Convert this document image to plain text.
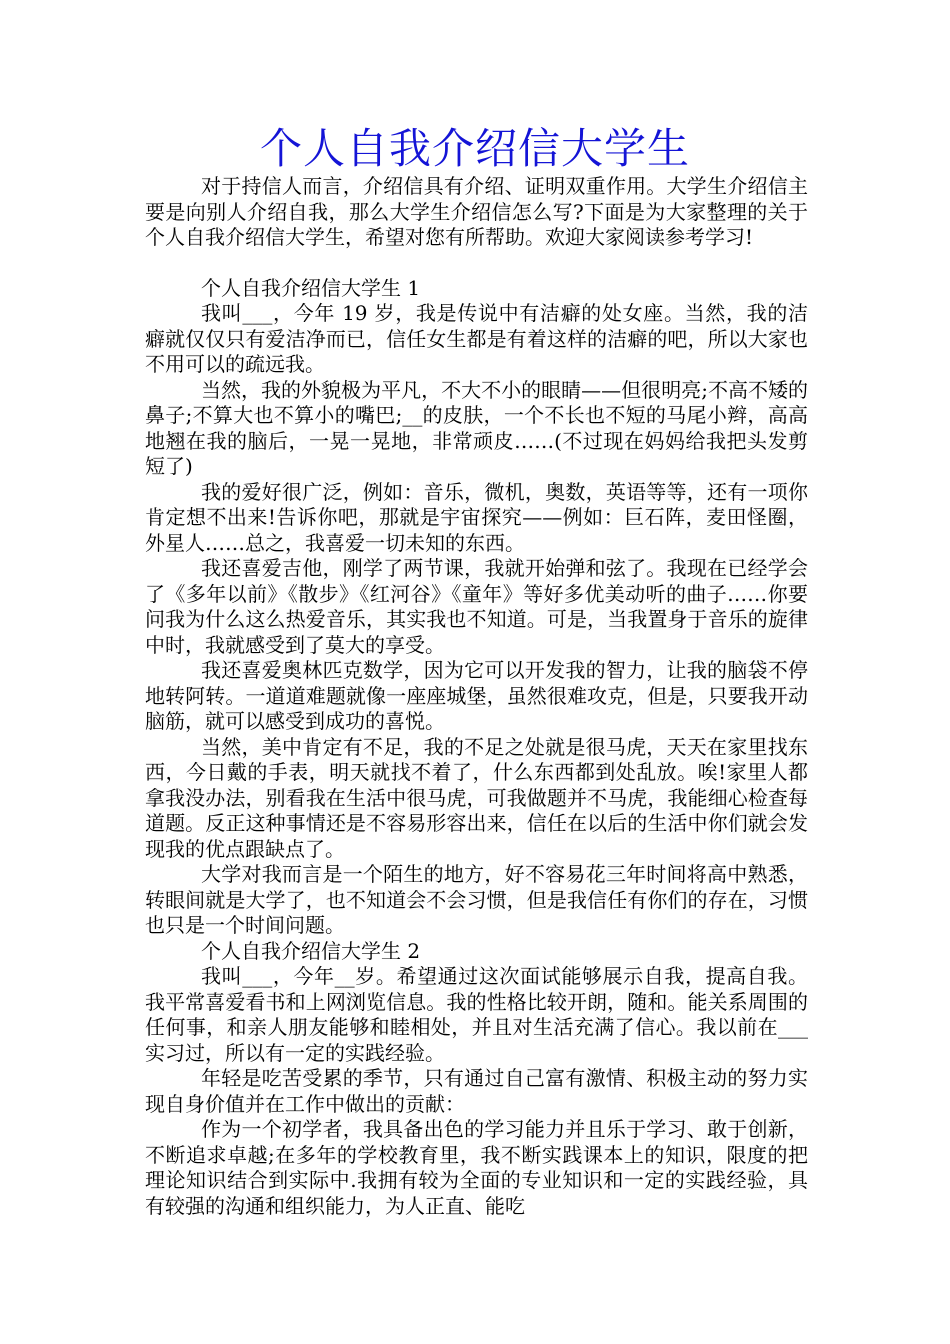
个人自我介绍信大学生

对于持信人而言，介绍信具有介绍、证明双重作用。大学生介绍信主要是向别人介绍自我，那么大学生介绍信怎么写?下面是为大家整理的关于个人自我介绍信大学生，希望对您有所帮助。欢迎大家阅读参考学习!

个人自我介绍信大学生 1

我叫___，今年 19 岁，我是传说中有洁癖的处女座。当然，我的洁癖就仅仅只有爱洁净而已，信任女生都是有着这样的洁癖的吧，所以大家也不用可以的疏远我。

当然，我的外貌极为平凡，不大不小的眼睛——但很明亮;不高不矮的鼻子;不算大也不算小的嘴巴;__的皮肤，一个不长也不短的马尾小辫，高高地翘在我的脑后，一晃一晃地，非常顽皮……(不过现在妈妈给我把头发剪短了)

我的爱好很广泛，例如：音乐，微机，奥数，英语等等，还有一项你肯定想不出来!告诉你吧，那就是宇宙探究——例如：巨石阵，麦田怪圈，外星人……总之，我喜爱一切未知的东西。

我还喜爱吉他，刚学了两节课，我就开始弹和弦了。我现在已经学会了《多年以前》《散步》《红河谷》《童年》等好多优美动听的曲子……你要问我为什么这么热爱音乐，其实我也不知道。可是，当我置身于音乐的旋律中时，我就感受到了莫大的享受。

我还喜爱奥林匹克数学，因为它可以开发我的智力，让我的脑袋不停地转阿转。一道道难题就像一座座城堡，虽然很难攻克，但是，只要我开动脑筋，就可以感受到成功的喜悦。

当然，美中肯定有不足，我的不足之处就是很马虎，天天在家里找东西，今日戴的手表，明天就找不着了，什么东西都到处乱放。唉!家里人都拿我没办法，别看我在生活中很马虎，可我做题并不马虎，我能细心检查每道题。反正这种事情还是不容易形容出来，信任在以后的生活中你们就会发现我的优点跟缺点了。

大学对我而言是一个陌生的地方，好不容易花三年时间将高中熟悉，转眼间就是大学了，也不知道会不会习惯，但是我信任有你们的存在，习惯也只是一个时间问题。

个人自我介绍信大学生 2

我叫___，今年__岁。希望通过这次面试能够展示自我，提高自我。我平常喜爱看书和上网浏览信息。我的性格比较开朗，随和。能关系周围的任何事，和亲人朋友能够和睦相处，并且对生活充满了信心。我以前在___实习过，所以有一定的实践经验。

年轻是吃苦受累的季节，只有通过自己富有激情、积极主动的努力实现自身价值并在工作中做出的贡献：

作为一个初学者，我具备出色的学习能力并且乐于学习、敢于创新，不断追求卓越;在多年的学校教育里，我不断实践课本上的知识，限度的把理论知识结合到实际中.我拥有较为全面的专业知识和一定的实践经验，具有较强的沟通和组织能力，为人正直、能吃
